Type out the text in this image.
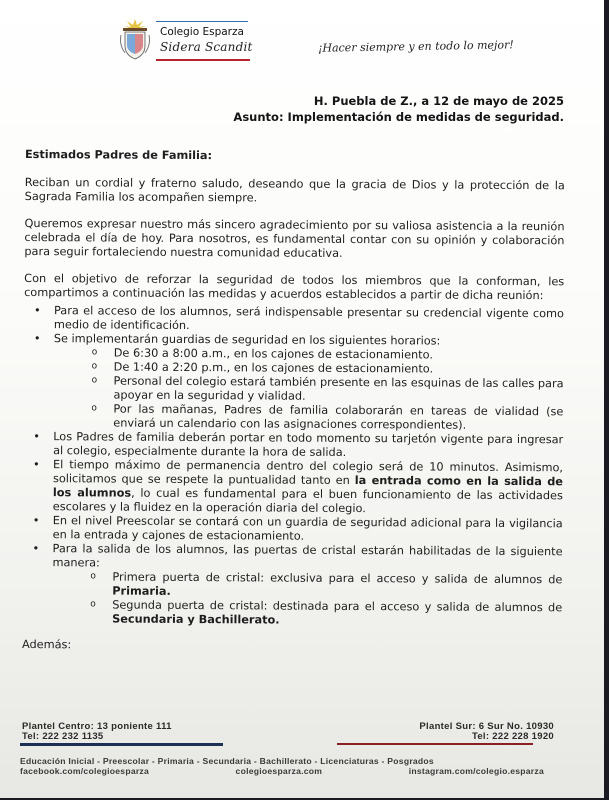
Colegio Esparza
Sidera Scandit	¡Hacer siempre y en todo lo mejor!
H. Puebla de Z., a 12 de mayo de 2025
Asunto: Implementación de medidas de seguridad.
Estimados Padres de Familia:
Reciban un cordial y fraterno saludo, deseando que la gracia de Dios y la protección de la Sagrada Familia los acompañen siempre.
Queremos expresar nuestro más sincero agradecimiento por su valiosa asistencia a la reunión celebrada el día de hoy. Para nosotros, es fundamental contar con su opinión y colaboración para seguir fortaleciendo nuestra comunidad educativa.
Con el objetivo de reforzar la seguridad de todos los miembros que la conforman, les compartimos a continuación las medidas y acuerdos establecidos a partir de dicha reunión:
• Para el acceso de los alumnos, será indispensable presentar su credencial vigente como medio de identificación.
• Se implementarán guardias de seguridad en los siguientes horarios:
o De 6:30 a 8:00 a.m., en los cajones de estacionamiento.
o De 1:40 a 2:20 p.m., en los cajones de estacionamiento.
o Personal del colegio estará también presente en las esquinas de las calles para apoyar en la seguridad y vialidad.
o Por las mañanas, Padres de familia colaborarán en tareas de vialidad (se enviará un calendario con las asignaciones correspondientes).
• Los Padres de familia deberán portar en todo momento su tarjetón vigente para ingresar al colegio, especialmente durante la hora de salida.
• El tiempo máximo de permanencia dentro del colegio será de 10 minutos. Asimismo, solicitamos que se respete la puntualidad tanto en la entrada como en la salida de los alumnos, lo cual es fundamental para el buen funcionamiento de las actividades escolares y la fluidez en la operación diaria del colegio.
• En el nivel Preescolar se contará con un guardia de seguridad adicional para la vigilancia en la entrada y cajones de estacionamiento.
• Para la salida de los alumnos, las puertas de cristal estarán habilitadas de la siguiente manera:
o Primera puerta de cristal: exclusiva para el acceso y salida de alumnos de Primaria.
o Segunda puerta de cristal: destinada para el acceso y salida de alumnos de Secundaria y Bachillerato.
Además:
Plantel Centro: 13 poniente 111
Tel: 222 232 1135
Plantel Sur: 6 Sur No. 10930
Tel: 222 228 1920
Educación Inicial - Preescolar - Primaria - Secundaria - Bachillerato - Licenciaturas - Posgrados
facebook.com/colegioesparza	colegioesparza.com	instagram.com/colegio.esparza
